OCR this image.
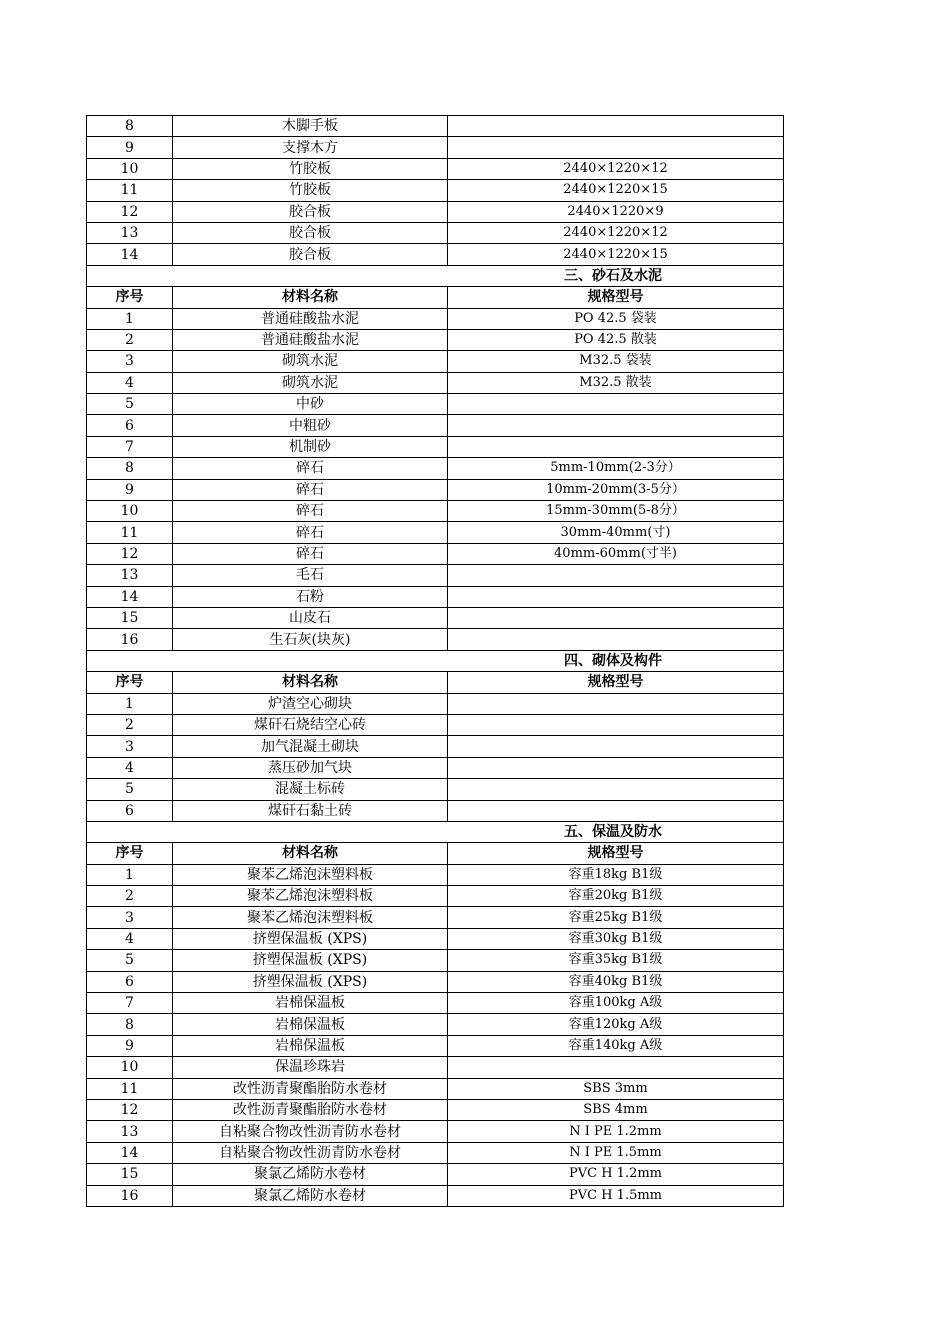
8	木脚手板	
9	支撑木方	
10	竹胶板	2440×1220×12
11	竹胶板	2440×1220×15
12	胶合板	2440×1220×9
13	胶合板	2440×1220×12
14	胶合板	2440×1220×15
三、砂石及水泥		
序号	材料名称	规格型号
1	普通硅酸盐水泥	PO 42.5 袋装
2	普通硅酸盐水泥	PO 42.5 散装
3	砌筑水泥	M32.5 袋装
4	砌筑水泥	M32.5 散装
5	中砂	
6	中粗砂	
7	机制砂	
8	碎石	5mm-10mm(2-3分）
9	碎石	10mm-20mm(3-5分）
10	碎石	15mm-30mm(5-8分）
11	碎石	30mm-40mm(寸)
12	碎石	40mm-60mm(寸半)
13	毛石	
14	石粉	
15	山皮石	
16	生石灰(块灰)	
四、砌体及构件		
序号	材料名称	规格型号
1	炉渣空心砌块	
2	煤矸石烧结空心砖	
3	加气混凝土砌块	
4	蒸压砂加气块	
5	混凝土标砖	
6	煤矸石黏土砖	
五、保温及防水		
序号	材料名称	规格型号
1	聚苯乙烯泡沫塑料板	容重18kg B1级
2	聚苯乙烯泡沫塑料板	容重20kg B1级
3	聚苯乙烯泡沫塑料板	容重25kg B1级
4	挤塑保温板 (XPS)	容重30kg B1级
5	挤塑保温板 (XPS)	容重35kg B1级
6	挤塑保温板 (XPS)	容重40kg B1级
7	岩棉保温板	容重100kg A级
8	岩棉保温板	容重120kg A级
9	岩棉保温板	容重140kg A级
10	保温珍珠岩	
11	改性沥青聚酯胎防水卷材	SBS 3mm
12	改性沥青聚酯胎防水卷材	SBS 4mm
13	自粘聚合物改性沥青防水卷材	N I PE 1.2mm
14	自粘聚合物改性沥青防水卷材	N I PE 1.5mm
15	聚氯乙烯防水卷材	PVC H 1.2mm
16	聚氯乙烯防水卷材	PVC H 1.5mm
